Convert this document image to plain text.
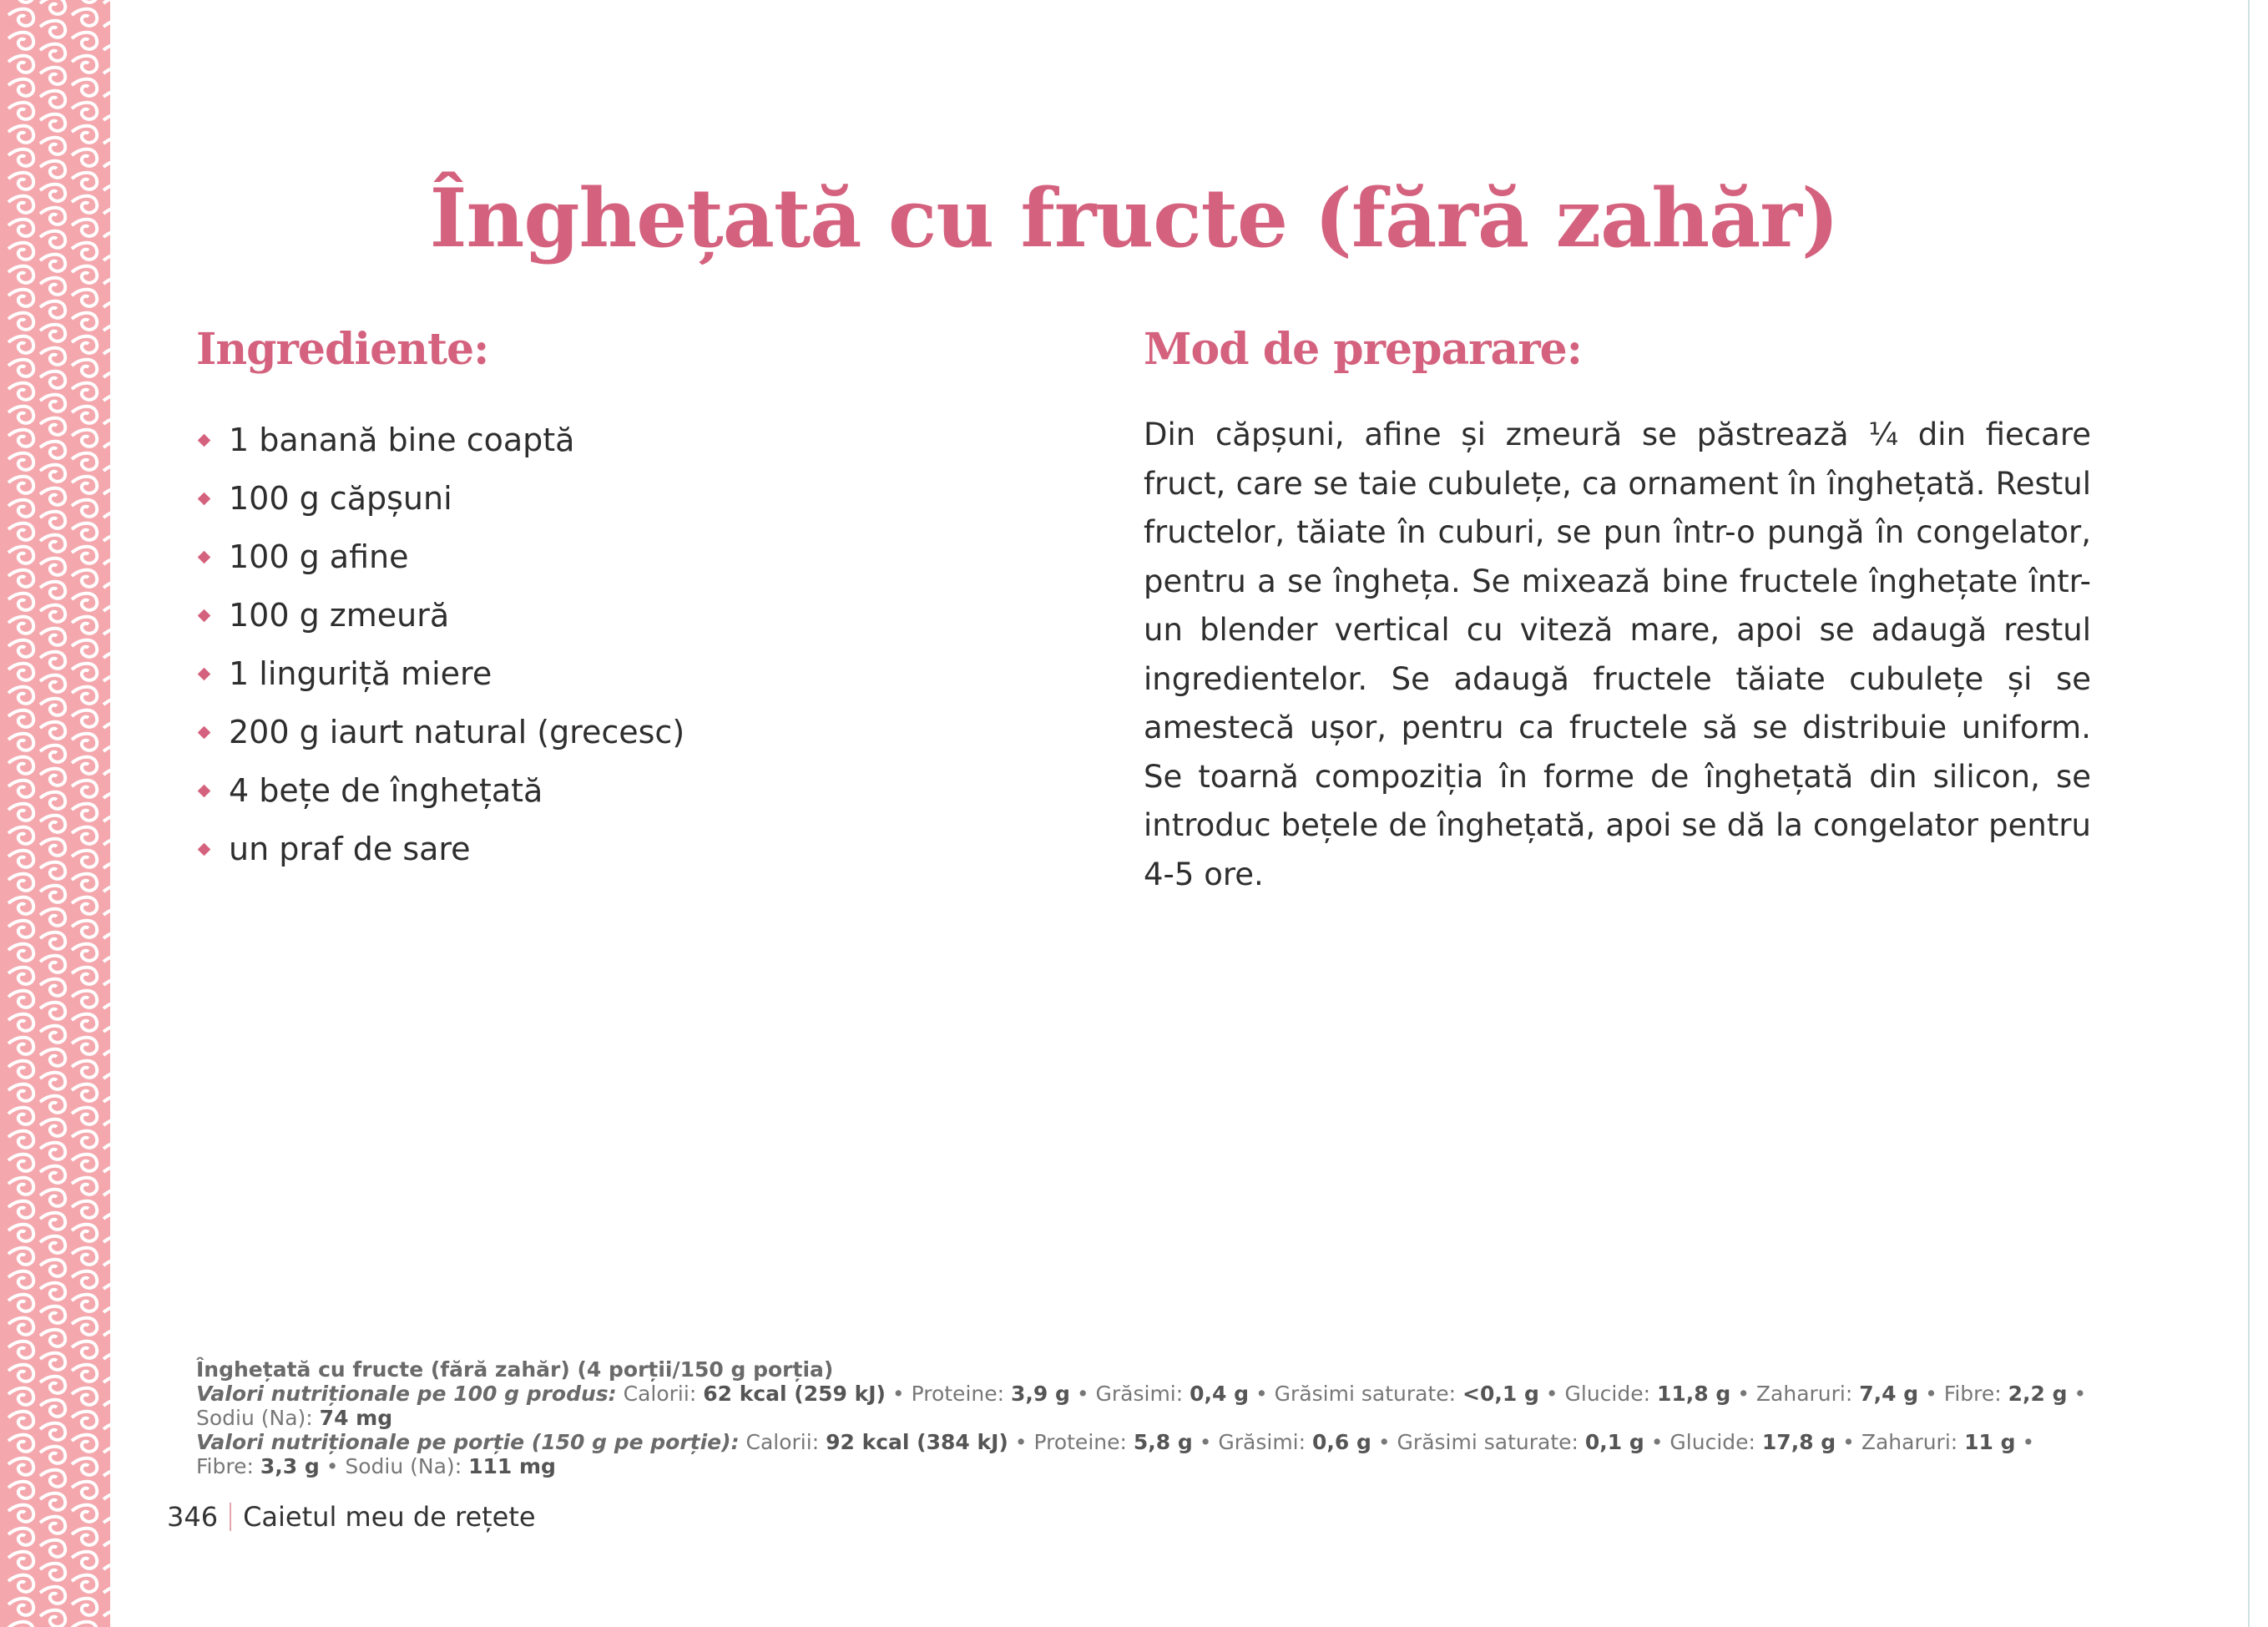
Înghețată cu fructe (fără zahăr)
Ingrediente:
1 banană bine coaptă
100 g căpșuni
100 g afine
100 g zmeură
1 linguriță miere
200 g iaurt natural (grecesc)
4 bețe de înghețată
un praf de sare
Mod de preparare:

Din căpșuni, afine și zmeură se păstrează ¼ din fiecare fruct, care se taie cubulețe, ca ornament în înghețată. Restul fructelor, tăiate în cuburi, se pun într-o pungă în congelator, pentru a se îngheța. Se mixează bine fructele înghețate într-un blender vertical cu viteză mare, apoi se adaugă restul ingredientelor. Se adaugă fructele tăiate cubulețe și se amestecă ușor, pentru ca fructele să se distribuie uniform. Se toarnă compoziția în forme de înghețată din silicon, se introduc bețele de înghețată, apoi se dă la congelator pentru 4-5 ore.

Înghețată cu fructe (fără zahăr) (4 porții/150 g porția)
Valori nutriționale pe 100 g produs: Calorii: 62 kcal (259 kJ) • Proteine: 3,9 g • Grăsimi: 0,4 g • Grăsimi saturate: <0,1 g • Glucide: 11,8 g • Zaharuri: 7,4 g • Fibre: 2,2 g • Sodiu (Na): 74 mg
Valori nutriționale pe porție (150 g pe porție): Calorii: 92 kcal (384 kJ) • Proteine: 5,8 g • Grăsimi: 0,6 g • Grăsimi saturate: 0,1 g • Glucide: 17,8 g • Zaharuri: 11 g • Fibre: 3,3 g • Sodiu (Na): 111 mg
346 Caietul meu de rețete
